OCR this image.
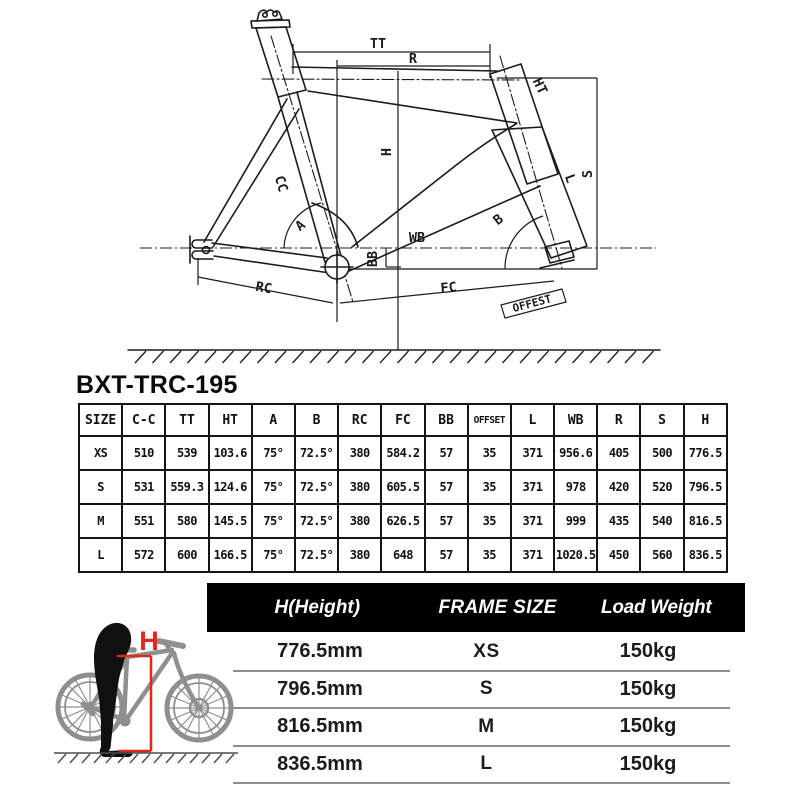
TT
R
H
S
HT
CC	L
A	B
WB
BB
RC	FC
OFFEST
BXT-TRC-195
SIZE	C-C	TT	HT	A	B	RC	FC	BB	OFFSET	L	WB	R	S	H
XS	510	539	103.6	75°	72.5°	380	584.2	57	35	371	956.6	405	500	776.5
S	531	559.3	124.6	75°	72.5°	380	605.5	57	35	371	978	420	520	796.5
M	551	580	145.5	75°	72.5°	380	626.5	57	35	371	999	435	540	816.5
L	572	600	166.5	75°	72.5°	380	648	57	35	371	1020.5	450	560	836.5
H
H(Height)	FRAME SIZE	Load Weight
776.5mm	XS	150kg
796.5mm	S	150kg
816.5mm	M	150kg
836.5mm	L	150kg
